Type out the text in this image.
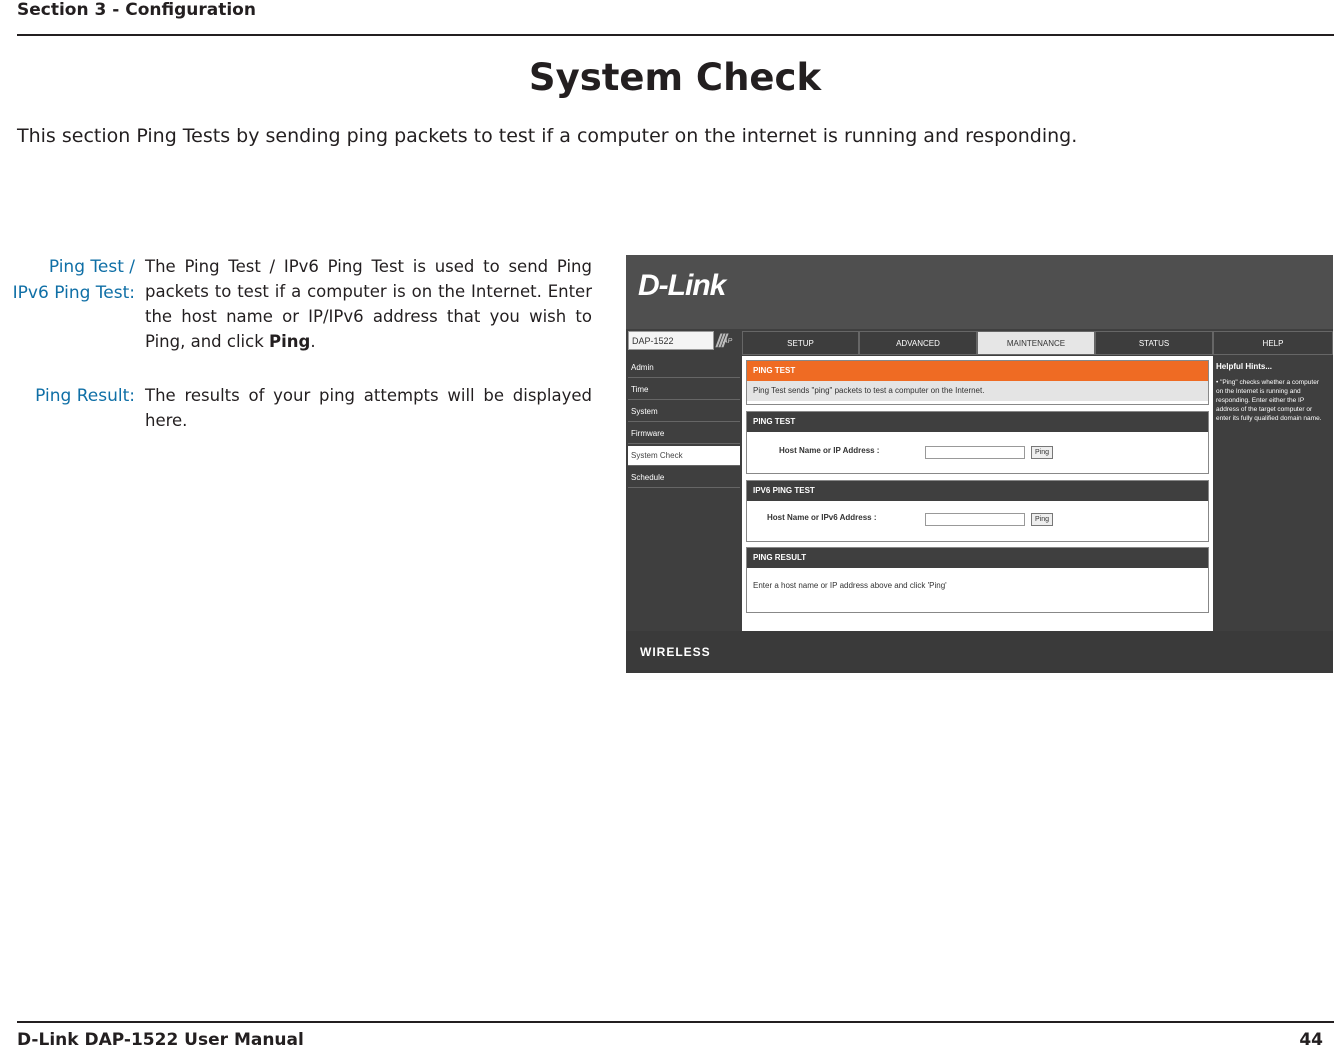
Section 3 - Configuration
System Check
This section Ping Tests by sending ping packets to test if a computer on the internet is running and responding.
Ping Test /
IPv6 Ping Test:
The Ping Test / IPv6 Ping Test is used to send Ping packets to test if a computer is on the Internet. Enter the host name or IP/IPv6 address that you wish to Ping, and click Ping.
Ping Result: The results of your ping attempts will be displayed here.
D-Link
DAP-1522	///
AP	SETUP	ADVANCED	MAINTENANCE	STATUS	HELP
Admin
Time
System
Firmware
System Check
Schedule
PING TEST
Ping Test sends "ping" packets to test a computer on the Internet.
PING TEST
Host Name or IP Address :	Ping
IPV6 PING TEST
Host Name or IPv6 Address :	Ping
PING RESULT
Enter a host name or IP address above and click 'Ping'
Helpful Hints...
• "Ping" checks whether a computer on the Internet is running and responding. Enter either the IP address of the target computer or enter its fully qualified domain name.
WIRELESS
D-Link DAP-1522 User Manual	44
